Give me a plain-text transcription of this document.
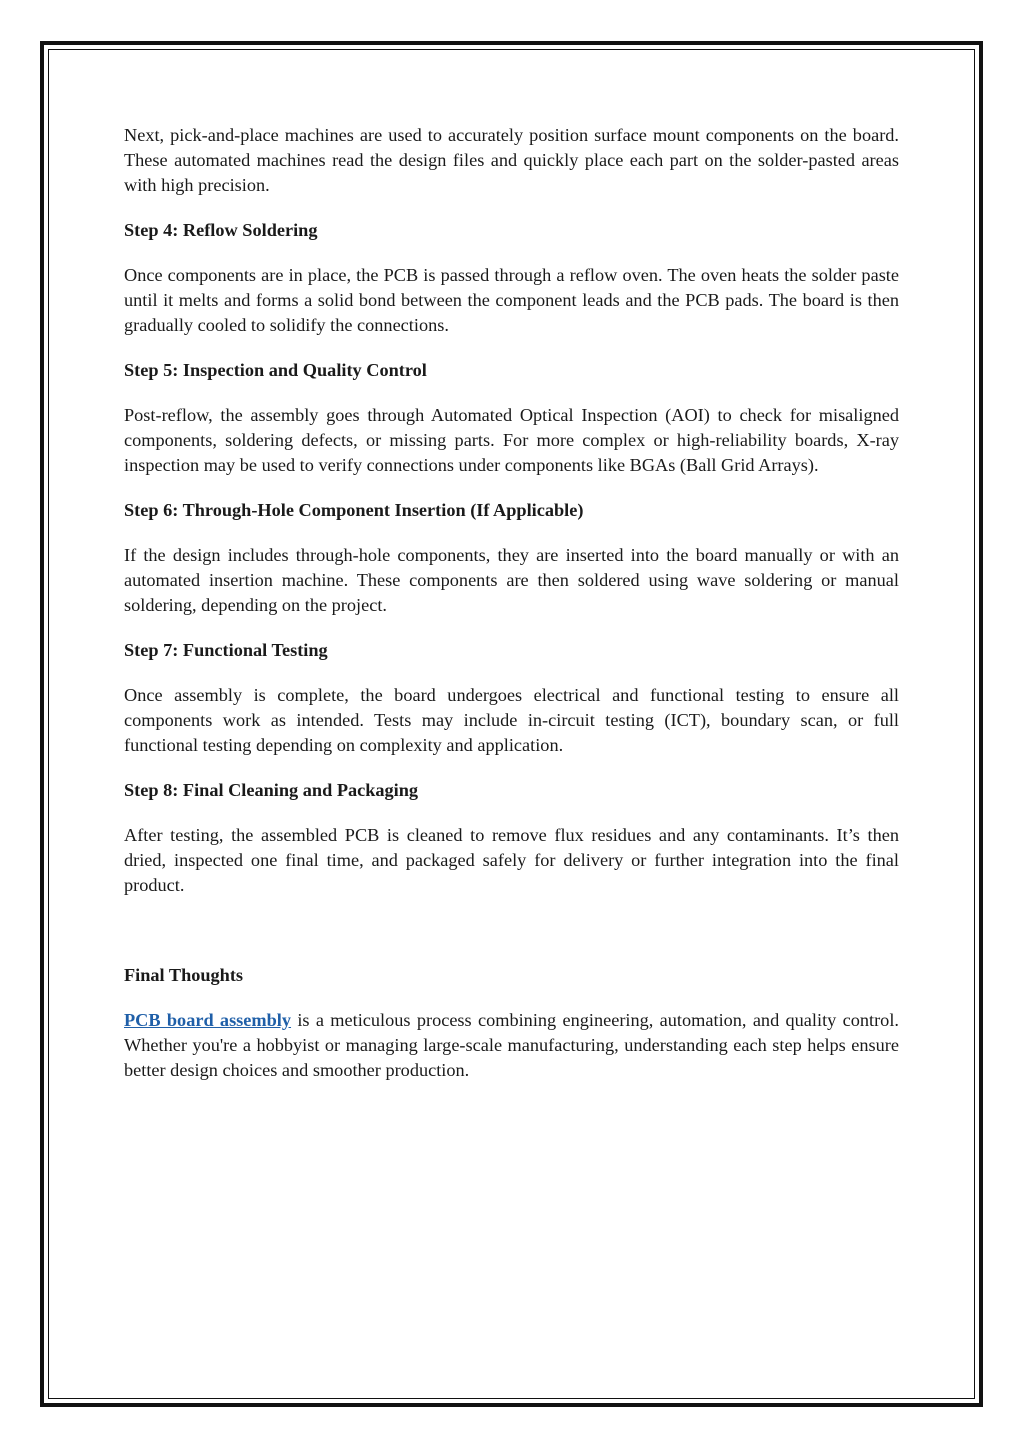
Next, pick-and-place machines are used to accurately position surface mount components on the board. These automated machines read the design files and quickly place each part on the solder-pasted areas with high precision.

Step 4: Reflow Soldering

Once components are in place, the PCB is passed through a reflow oven. The oven heats the solder paste until it melts and forms a solid bond between the component leads and the PCB pads. The board is then gradually cooled to solidify the connections.

Step 5: Inspection and Quality Control

Post-reflow, the assembly goes through Automated Optical Inspection (AOI) to check for misaligned components, soldering defects, or missing parts. For more complex or high-reliability boards, X-ray inspection may be used to verify connections under components like BGAs (Ball Grid Arrays).

Step 6: Through-Hole Component Insertion (If Applicable)

If the design includes through-hole components, they are inserted into the board manually or with an automated insertion machine. These components are then soldered using wave soldering or manual soldering, depending on the project.

Step 7: Functional Testing

Once assembly is complete, the board undergoes electrical and functional testing to ensure all components work as intended. Tests may include in-circuit testing (ICT), boundary scan, or full functional testing depending on complexity and application.

Step 8: Final Cleaning and Packaging

After testing, the assembled PCB is cleaned to remove flux residues and any contaminants. It’s then dried, inspected one final time, and packaged safely for delivery or further integration into the final product.

Final Thoughts

PCB board assembly is a meticulous process combining engineering, automation, and quality control. Whether you're a hobbyist or managing large-scale manufacturing, understanding each step helps ensure better design choices and smoother production.
